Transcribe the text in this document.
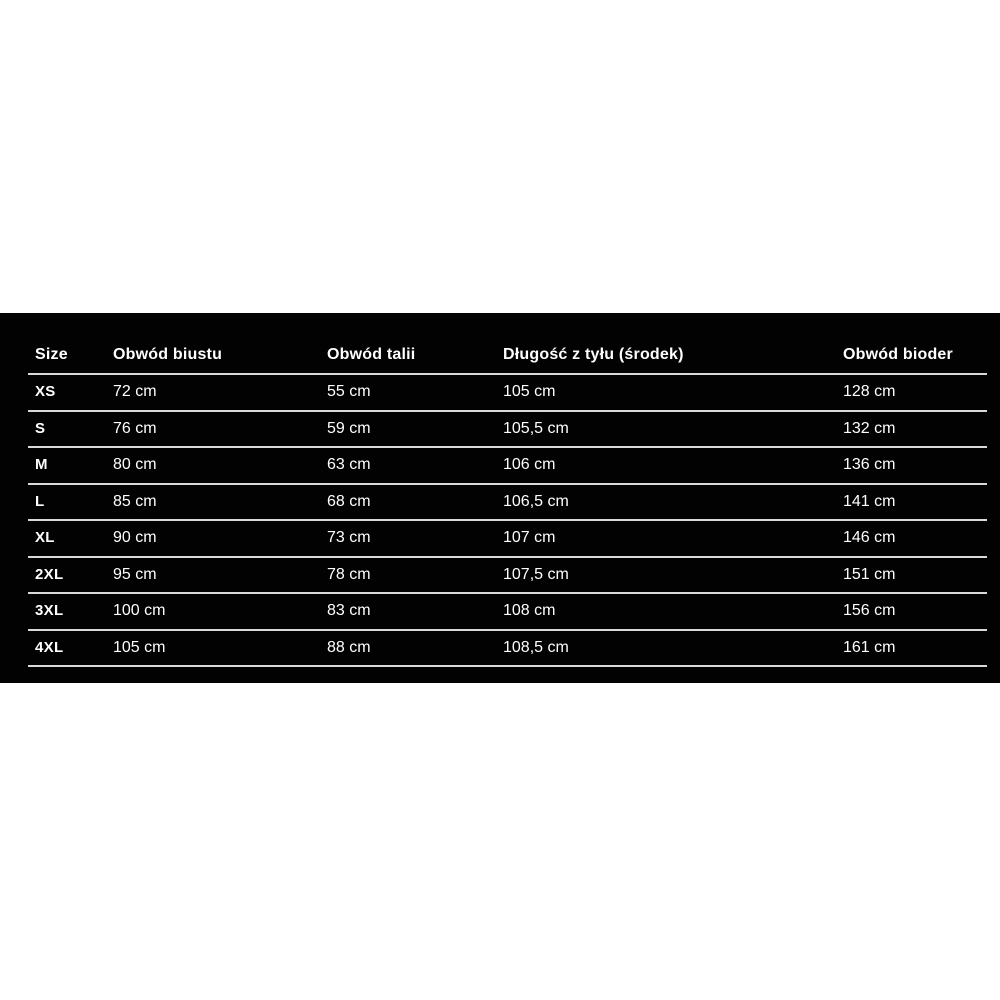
Size	Obwód biustu	Obwód talii	Długość z tyłu (środek)	Obwód bioder
XS	72 cm	55 cm	105 cm	128 cm
S	76 cm	59 cm	105,5 cm	132 cm
M	80 cm	63 cm	106 cm	136 cm
L	85 cm	68 cm	106,5 cm	141 cm
XL	90 cm	73 cm	107 cm	146 cm
2XL	95 cm	78 cm	107,5 cm	151 cm
3XL	100 cm	83 cm	108 cm	156 cm
4XL	105 cm	88 cm	108,5 cm	161 cm
